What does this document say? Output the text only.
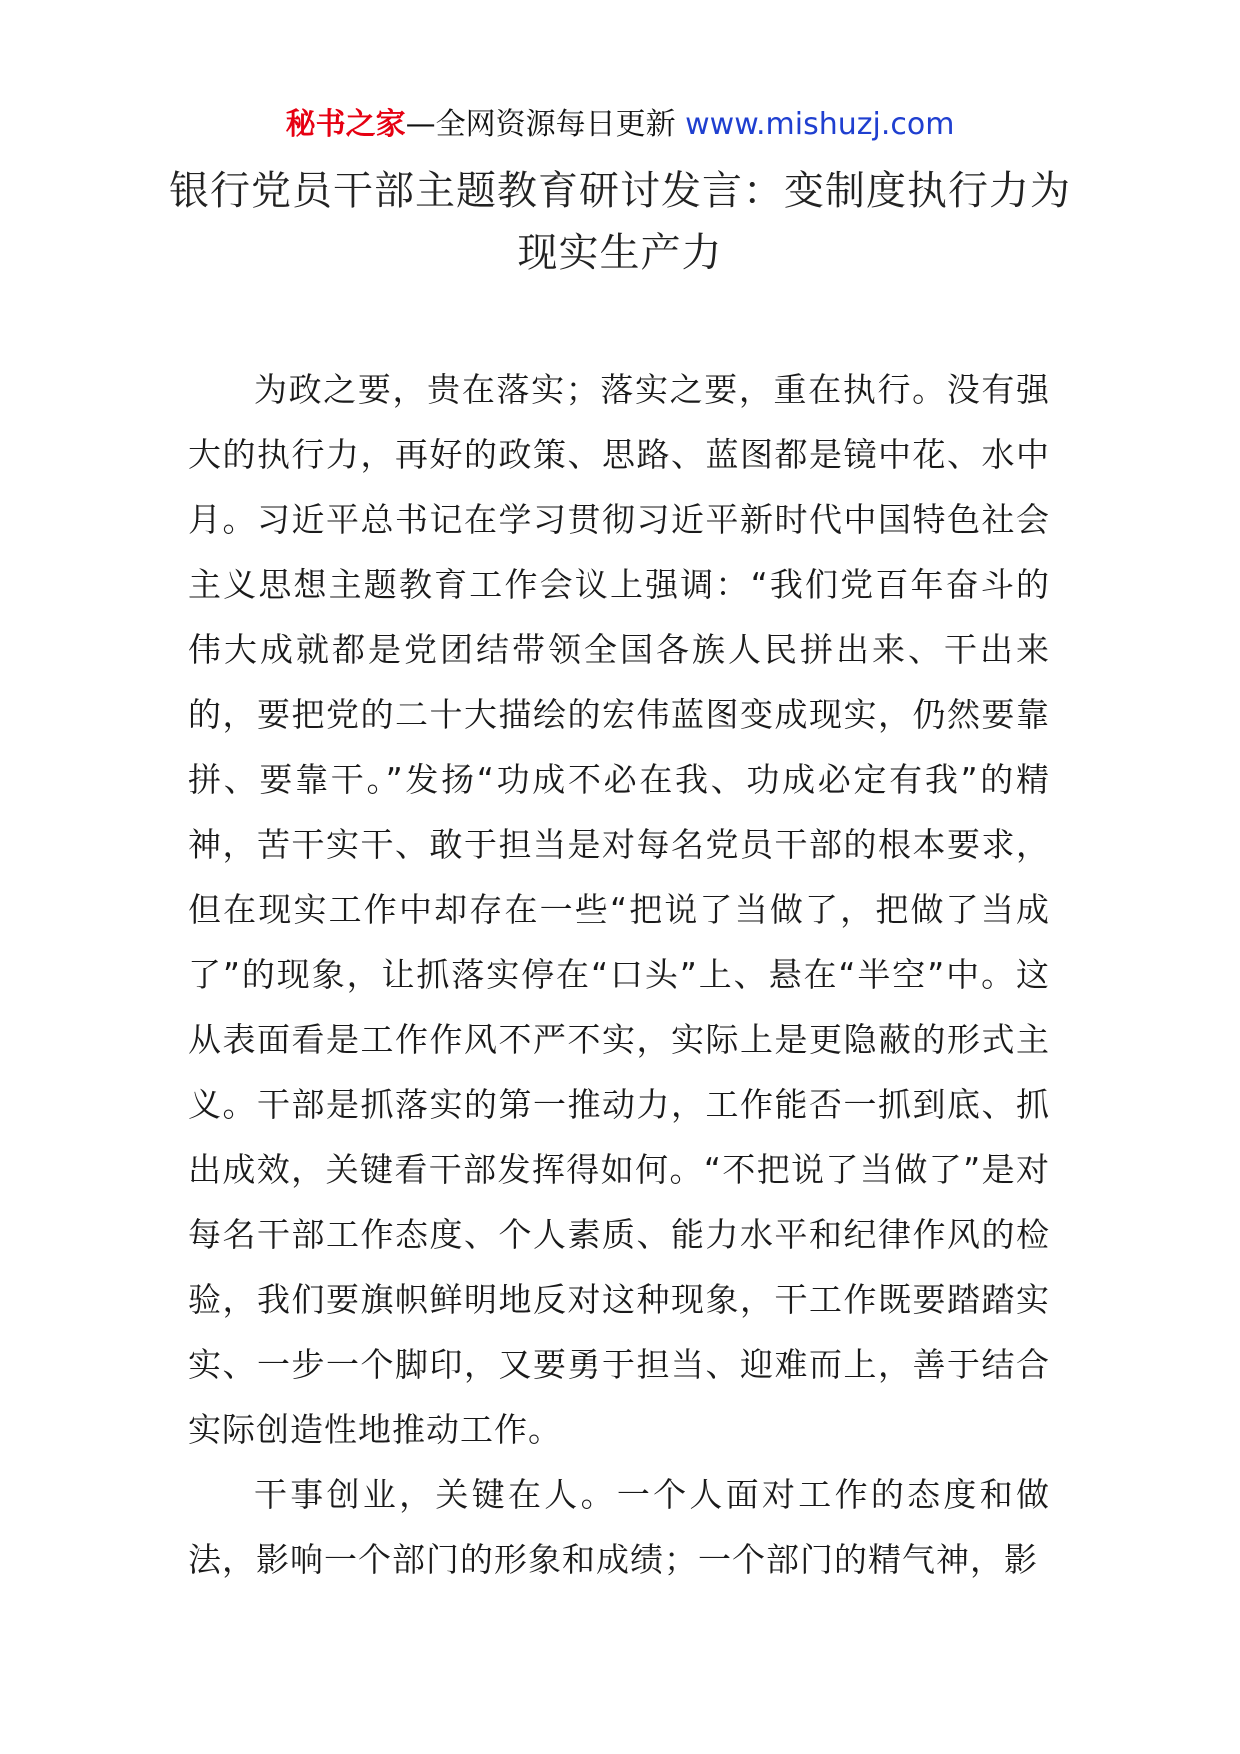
秘书之家—全网资源每日更新 www.mishuzj.com
银行党员干部主题教育研讨发言：变制度执行力为现实生产力

为政之要，贵在落实；落实之要，重在执行。没有强大的执行力，再好的政策、思路、蓝图都是镜中花、水中月。习近平总书记在学习贯彻习近平新时代中国特色社会主义思想主题教育工作会议上强调：“我们党百年奋斗的伟大成就都是党团结带领全国各族人民拼出来、干出来的，要把党的二十大描绘的宏伟蓝图变成现实，仍然要靠拼、要靠干。”发扬“功成不必在我、功成必定有我”的精神，苦干实干、敢于担当是对每名党员干部的根本要求，但在现实工作中却存在一些“把说了当做了，把做了当成了”的现象，让抓落实停在“口头”上、悬在“半空”中。这从表面看是工作作风不严不实，实际上是更隐蔽的形式主义。干部是抓落实的第一推动力，工作能否一抓到底、抓出成效，关键看干部发挥得如何。“不把说了当做了”是对每名干部工作态度、个人素质、能力水平和纪律作风的检验，我们要旗帜鲜明地反对这种现象，干工作既要踏踏实实、一步一个脚印，又要勇于担当、迎难而上，善于结合实际创造性地推动工作。

干事创业，关键在人。一个人面对工作的态度和做法，影响一个部门的形象和成绩；一个部门的精气神，影
